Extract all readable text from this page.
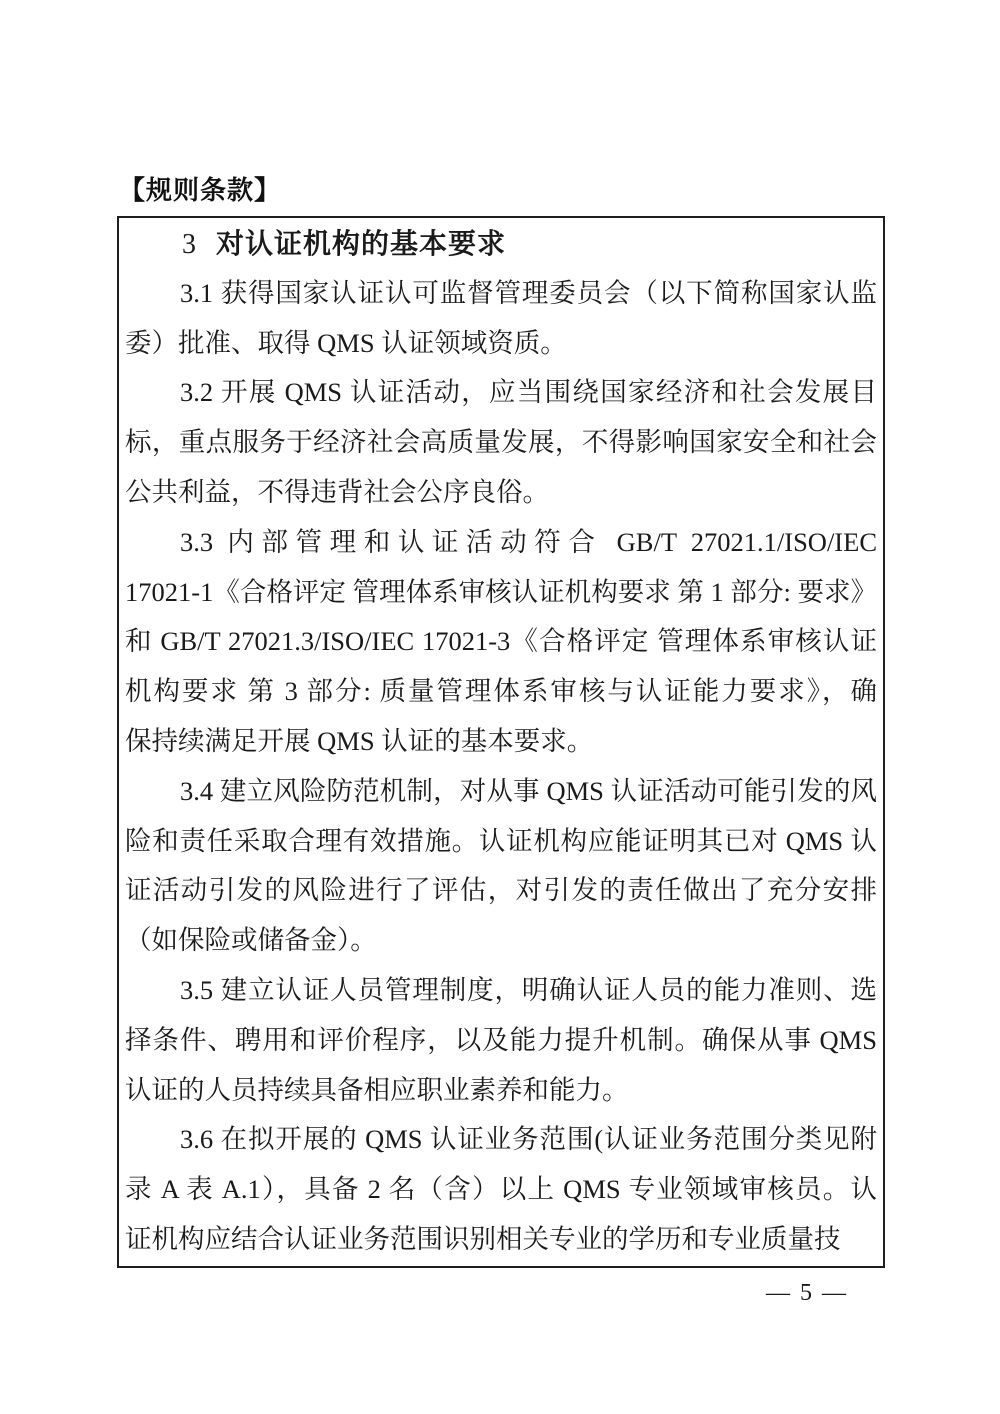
【规则条款】
3 对认证机构的基本要求
3.1 获得国家认证认可监督管理委员会（以下简称国家认监
委）批准、取得 QMS 认证领域资质。
3.2 开展 QMS 认证活动，应当围绕国家经济和社会发展目
标，重点服务于经济社会高质量发展，不得影响国家安全和社会
公共利益，不得违背社会公序良俗。
3.3 内部管理和认证活动符合 GB/T 27021.1/ISO/IEC
17021-1《合格评定 管理体系审核认证机构要求 第 1 部分: 要求》
和 GB/T 27021.3/ISO/IEC 17021-3《合格评定 管理体系审核认证
机构要求 第 3 部分: 质量管理体系审核与认证能力要求》，确
保持续满足开展 QMS 认证的基本要求。
3.4 建立风险防范机制，对从事 QMS 认证活动可能引发的风
险和责任采取合理有效措施。认证机构应能证明其已对 QMS 认
证活动引发的风险进行了评估，对引发的责任做出了充分安排
（如保险或储备金）。
3.5 建立认证人员管理制度，明确认证人员的能力准则、选
择条件、聘用和评价程序，以及能力提升机制。确保从事 QMS
认证的人员持续具备相应职业素养和能力。
3.6 在拟开展的 QMS 认证业务范围(认证业务范围分类见附
录 A 表 A.1），具备 2 名（含）以上 QMS 专业领域审核员。认
证机构应结合认证业务范围识别相关专业的学历和专业质量技
— 5 —
